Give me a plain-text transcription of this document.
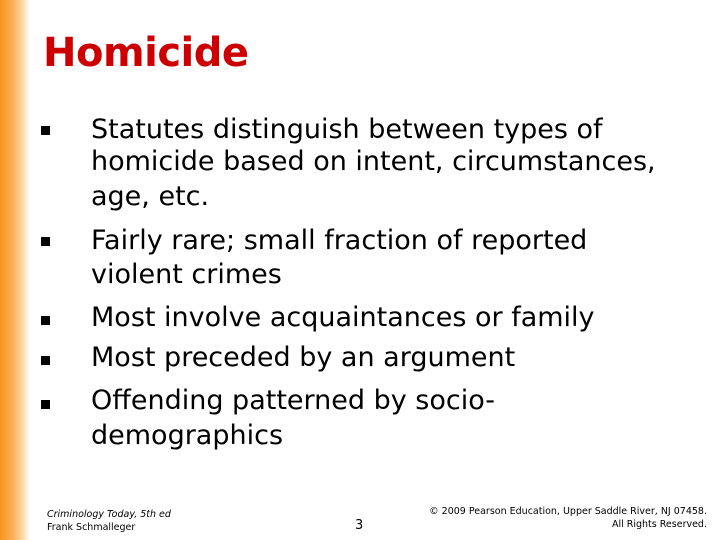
Homicide
Statutes distinguish between types of
homicide based on intent, circumstances,
age, etc.
Fairly rare; small fraction of reported
violent crimes
Most involve acquaintances or family
Most preceded by an argument
Offending patterned by socio-
demographics
Criminology Today, 5th ed
Frank Schmalleger	3
© 2009 Pearson Education, Upper Saddle River, NJ 07458.
All Rights Reserved.
